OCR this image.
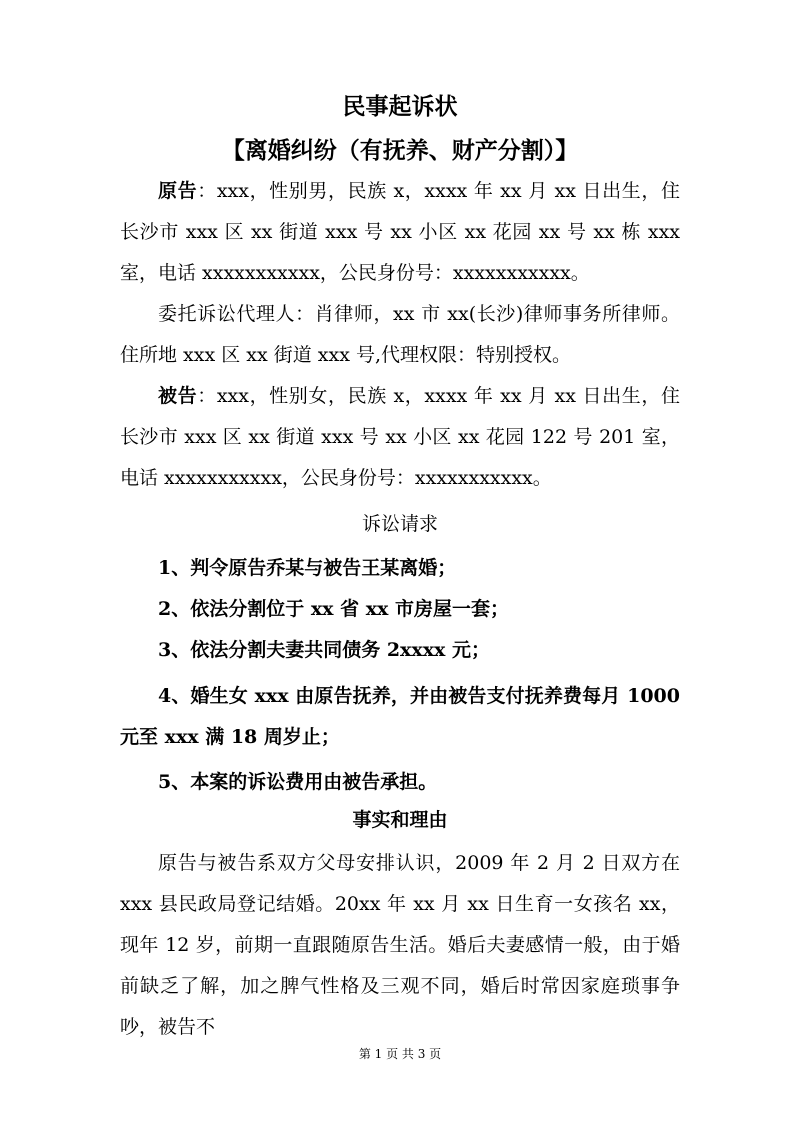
民事起诉状
【离婚纠纷（有抚养、财产分割）】
原告：xxx，性别男，民族 x，xxxx 年 xx 月 xx 日出生，住长沙市 xxx 区 xx 街道 xxx 号 xx 小区 xx 花园 xx 号 xx 栋 xxx 室，电话 xxxxxxxxxxx，公民身份号：xxxxxxxxxxx。
委托诉讼代理人：肖律师，xx 市 xx(长沙)律师事务所律师。住所地 xxx 区 xx 街道 xxx 号,代理权限：特别授权。
被告：xxx，性别女，民族 x，xxxx 年 xx 月 xx 日出生，住长沙市 xxx 区 xx 街道 xxx 号 xx 小区 xx 花园 122 号 201 室，电话 xxxxxxxxxxx，公民身份号：xxxxxxxxxxx。
诉讼请求
1、判令原告乔某与被告王某离婚；
2、依法分割位于 xx 省 xx 市房屋一套；
3、依法分割夫妻共同债务 2xxxx 元；
4、婚生女 xxx 由原告抚养，并由被告支付抚养费每月 1000 元至 xxx 满 18 周岁止；
5、本案的诉讼费用由被告承担。
事实和理由
原告与被告系双方父母安排认识，2009 年 2 月 2 日双方在 xxx 县民政局登记结婚。20xx 年 xx 月 xx 日生育一女孩名 xx，现年 12 岁，前期一直跟随原告生活。婚后夫妻感情一般，由于婚前缺乏了解，加之脾气性格及三观不同，婚后时常因家庭琐事争吵，被告不
第 1 页 共 3 页
